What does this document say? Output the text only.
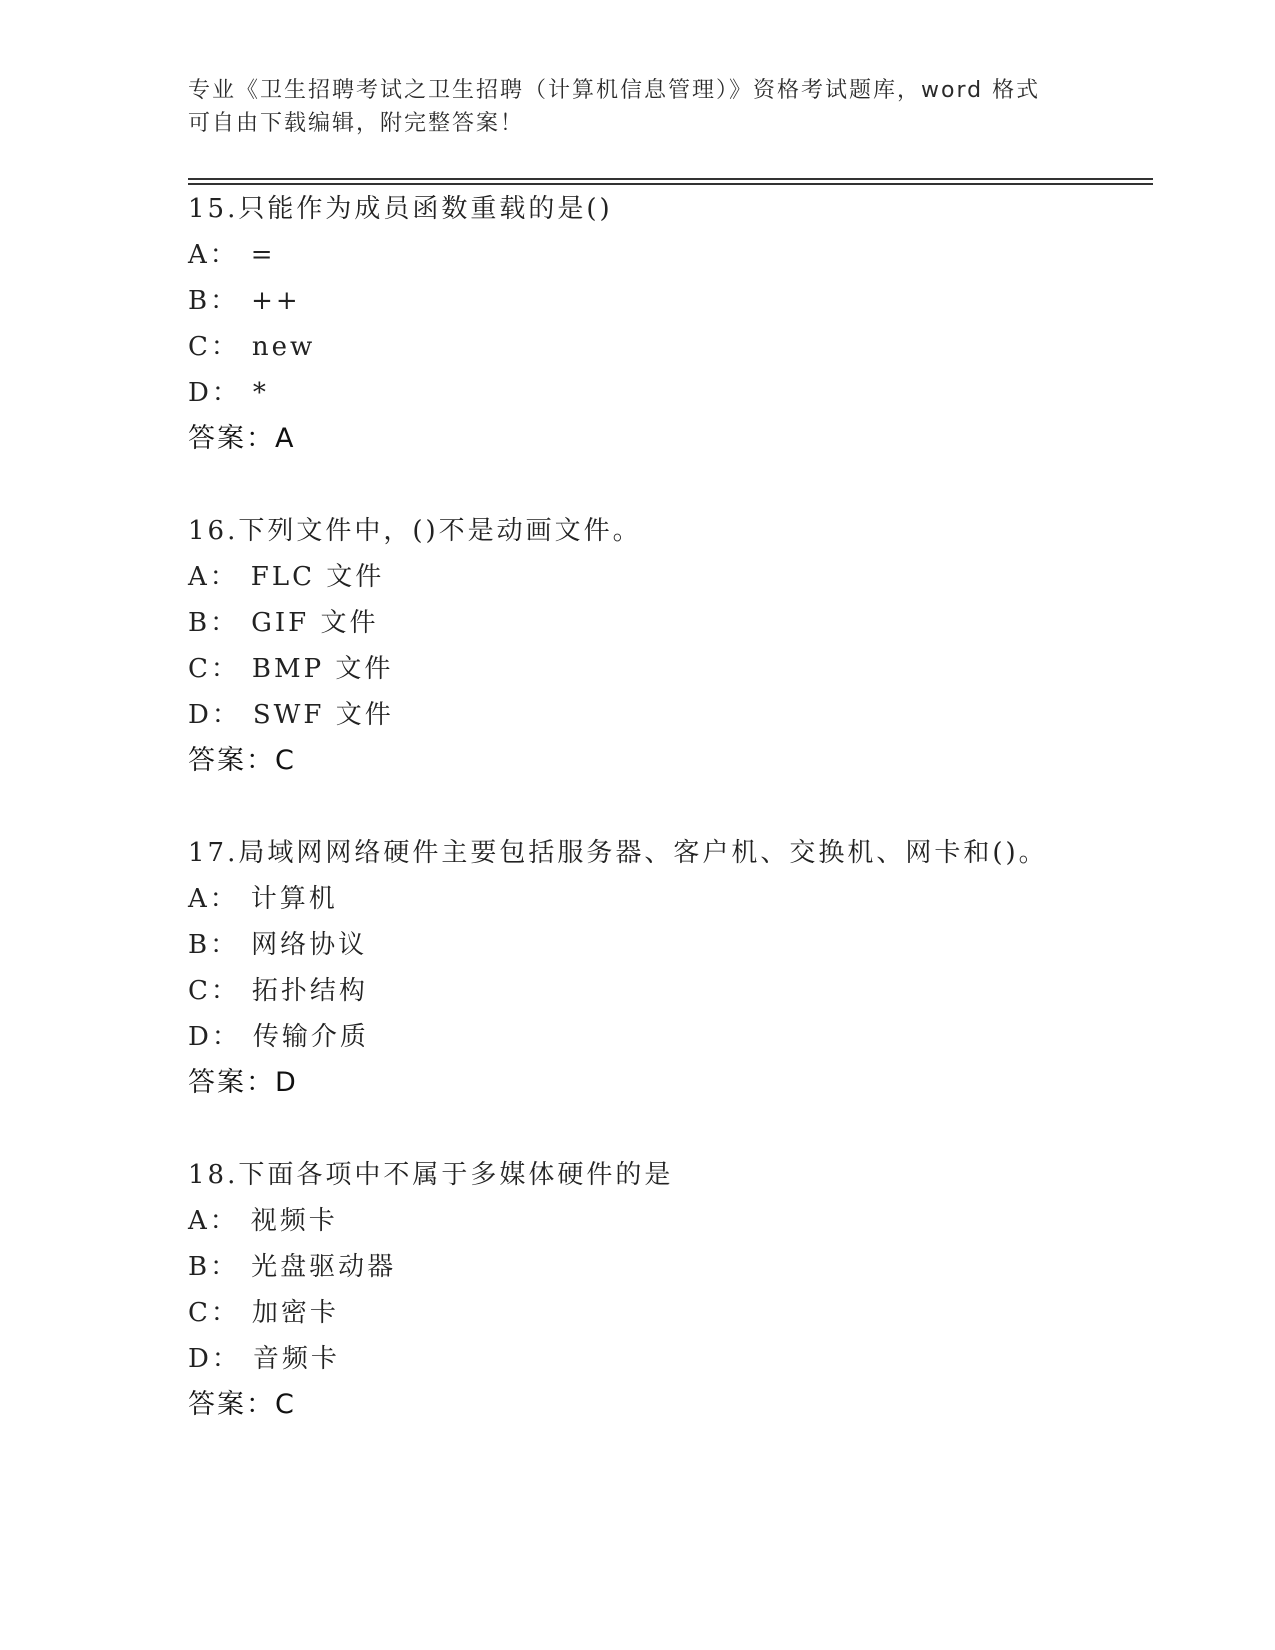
专业《卫生招聘考试之卫生招聘（计算机信息管理）》资格考试题库，word 格式
可自由下载编辑，附完整答案！
15.只能作为成员函数重载的是()
A： =
B： ++
C： new
D： *
答案：A
16.下列文件中，()不是动画文件。
A： FLC 文件
B： GIF 文件
C： BMP 文件
D： SWF 文件
答案：C
17.局域网网络硬件主要包括服务器、客户机、交换机、网卡和()。
A： 计算机
B： 网络协议
C： 拓扑结构
D： 传输介质
答案：D
18.下面各项中不属于多媒体硬件的是
A： 视频卡
B： 光盘驱动器
C： 加密卡
D： 音频卡
答案：C
